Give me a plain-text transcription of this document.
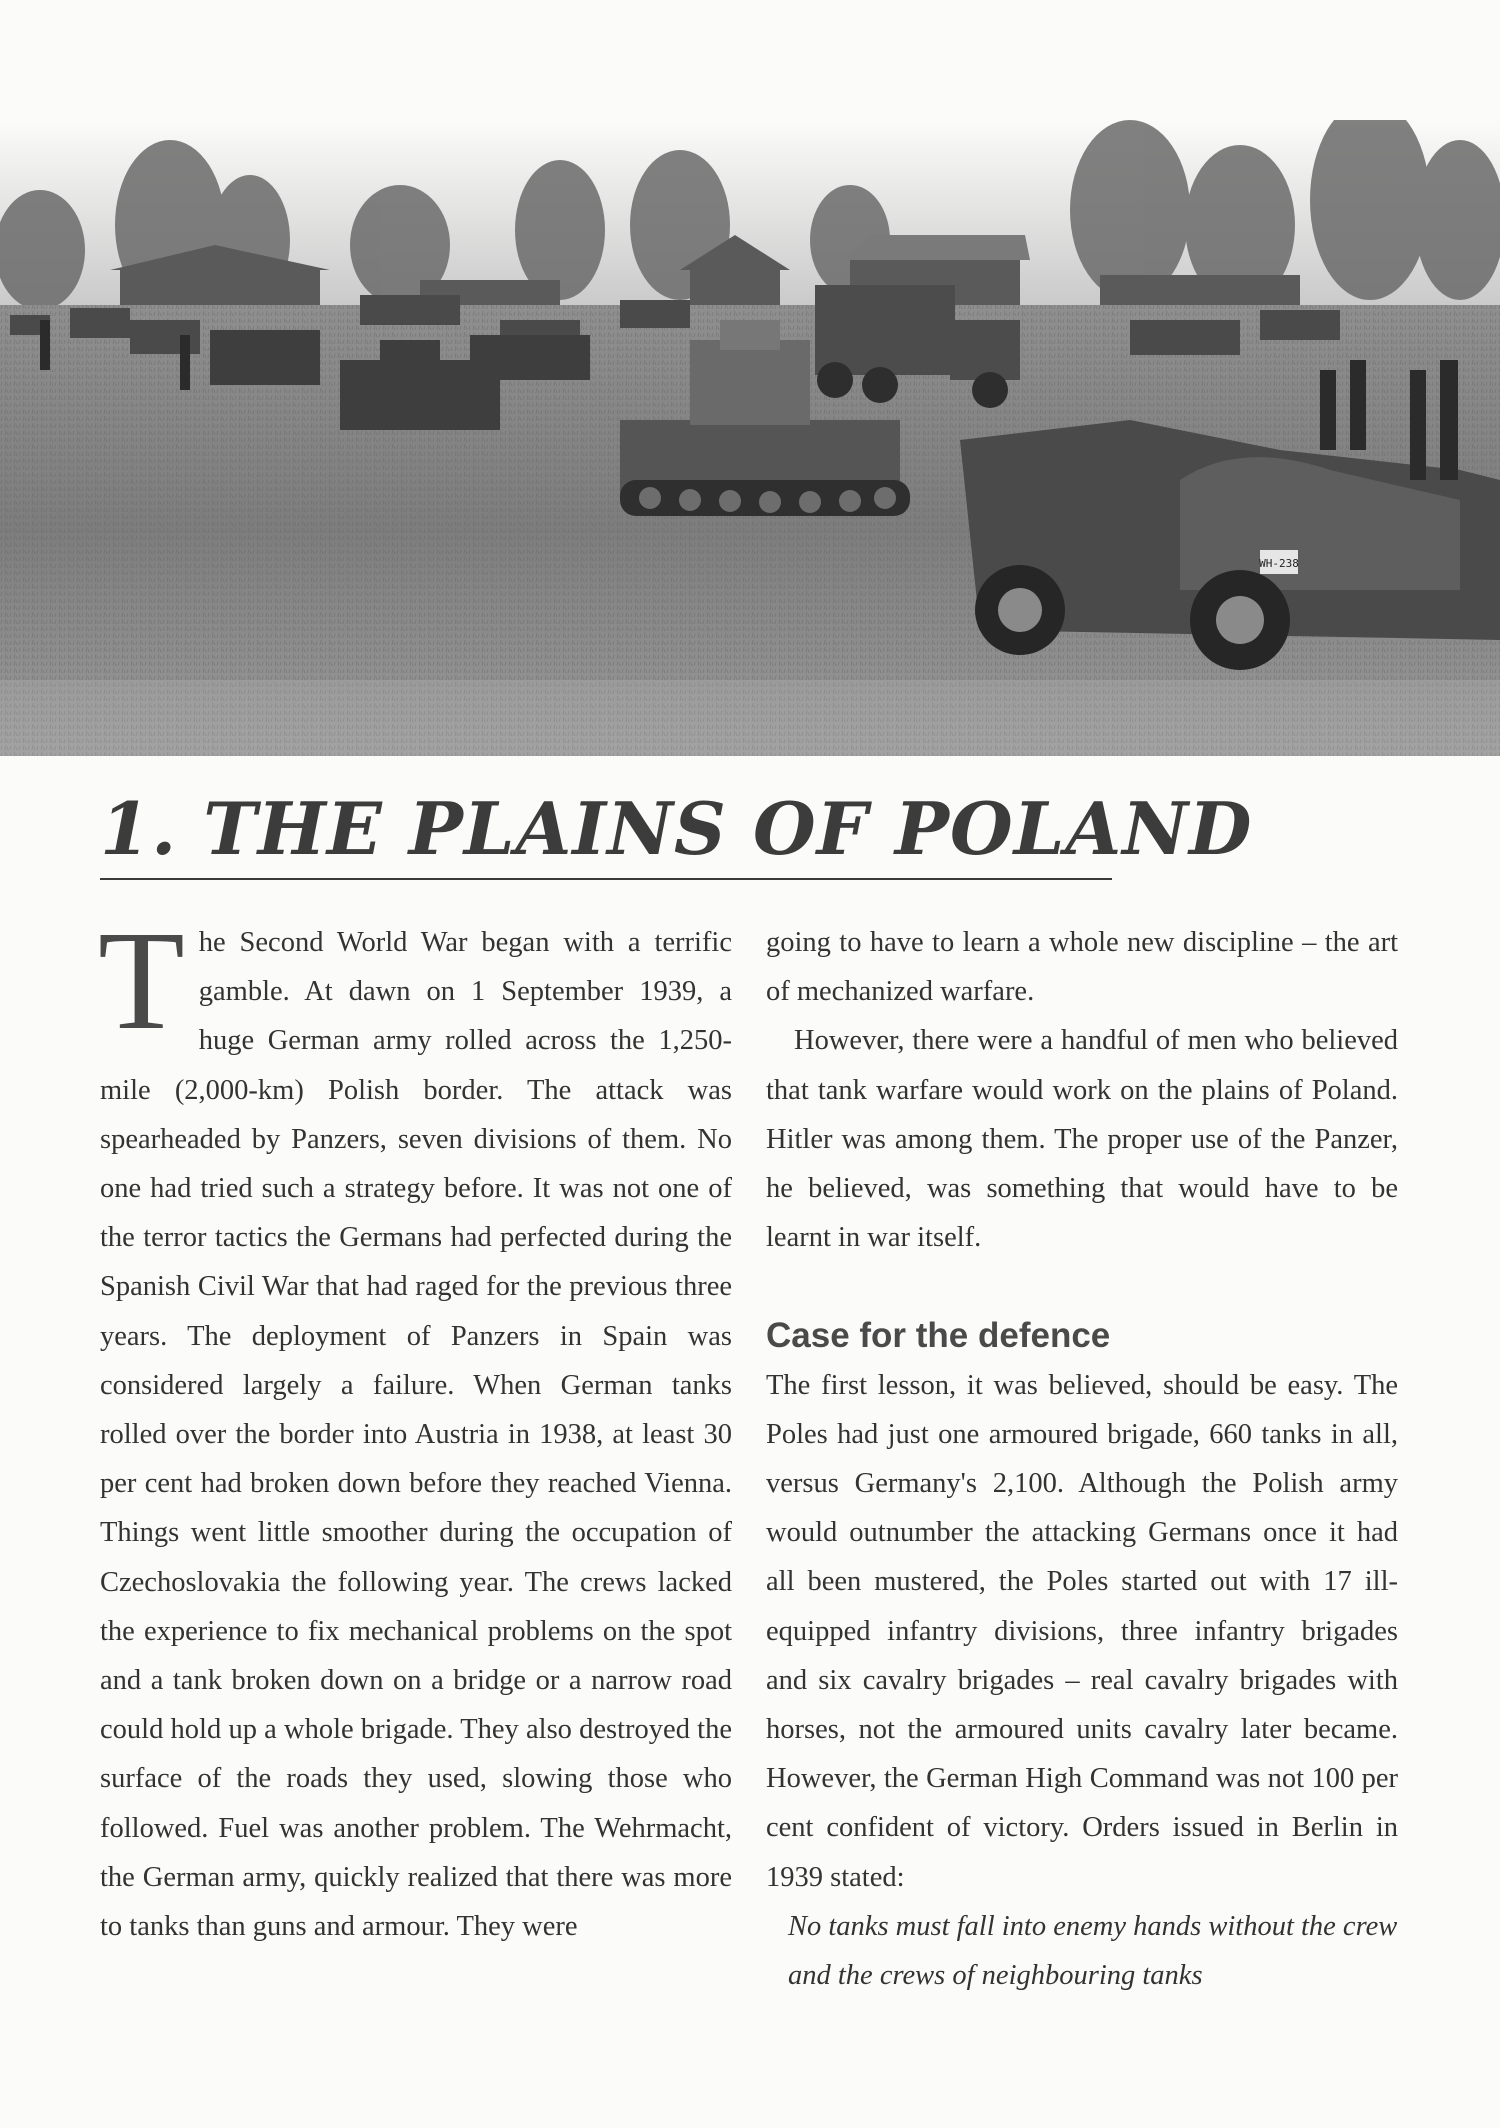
WH-238
1. THE PLAINS OF POLAND

The Second World War began with a terrific gamble. At dawn on 1 September 1939, a huge German army rolled across the 1,250-mile (2,000-km) Polish border. The attack was spearheaded by Panzers, seven divisions of them. No one had tried such a strategy before. It was not one of the terror tactics the Germans had perfected during the Spanish Civil War that had raged for the previous three years. The deployment of Panzers in Spain was considered largely a failure. When German tanks rolled over the border into Austria in 1938, at least 30 per cent had broken down before they reached Vienna. Things went little smoother during the occupation of Czechoslovakia the following year. The crews lacked the experience to fix mechanical problems on the spot and a tank broken down on a bridge or a narrow road could hold up a whole brigade. They also destroyed the surface of the roads they used, slowing those who followed. Fuel was another problem. The Wehrmacht, the German army, quickly realized that there was more to tanks than guns and armour. They were

going to have to learn a whole new discipline – the art of mechanized warfare.

However, there were a handful of men who believed that tank warfare would work on the plains of Poland. Hitler was among them. The proper use of the Panzer, he believed, was something that would have to be learnt in war itself.

Case for the defence

The first lesson, it was believed, should be easy. The Poles had just one armoured brigade, 660 tanks in all, versus Germany's 2,100. Although the Polish army would outnumber the attacking Germans once it had all been mustered, the Poles started out with 17 ill-equipped infantry divisions, three infantry brigades and six cavalry brigades – real cavalry brigades with horses, not the armoured units cavalry later became. However, the German High Command was not 100 per cent confident of victory. Orders issued in Berlin in 1939 stated:

No tanks must fall into enemy hands without the crew and the crews of neighbouring tanks
